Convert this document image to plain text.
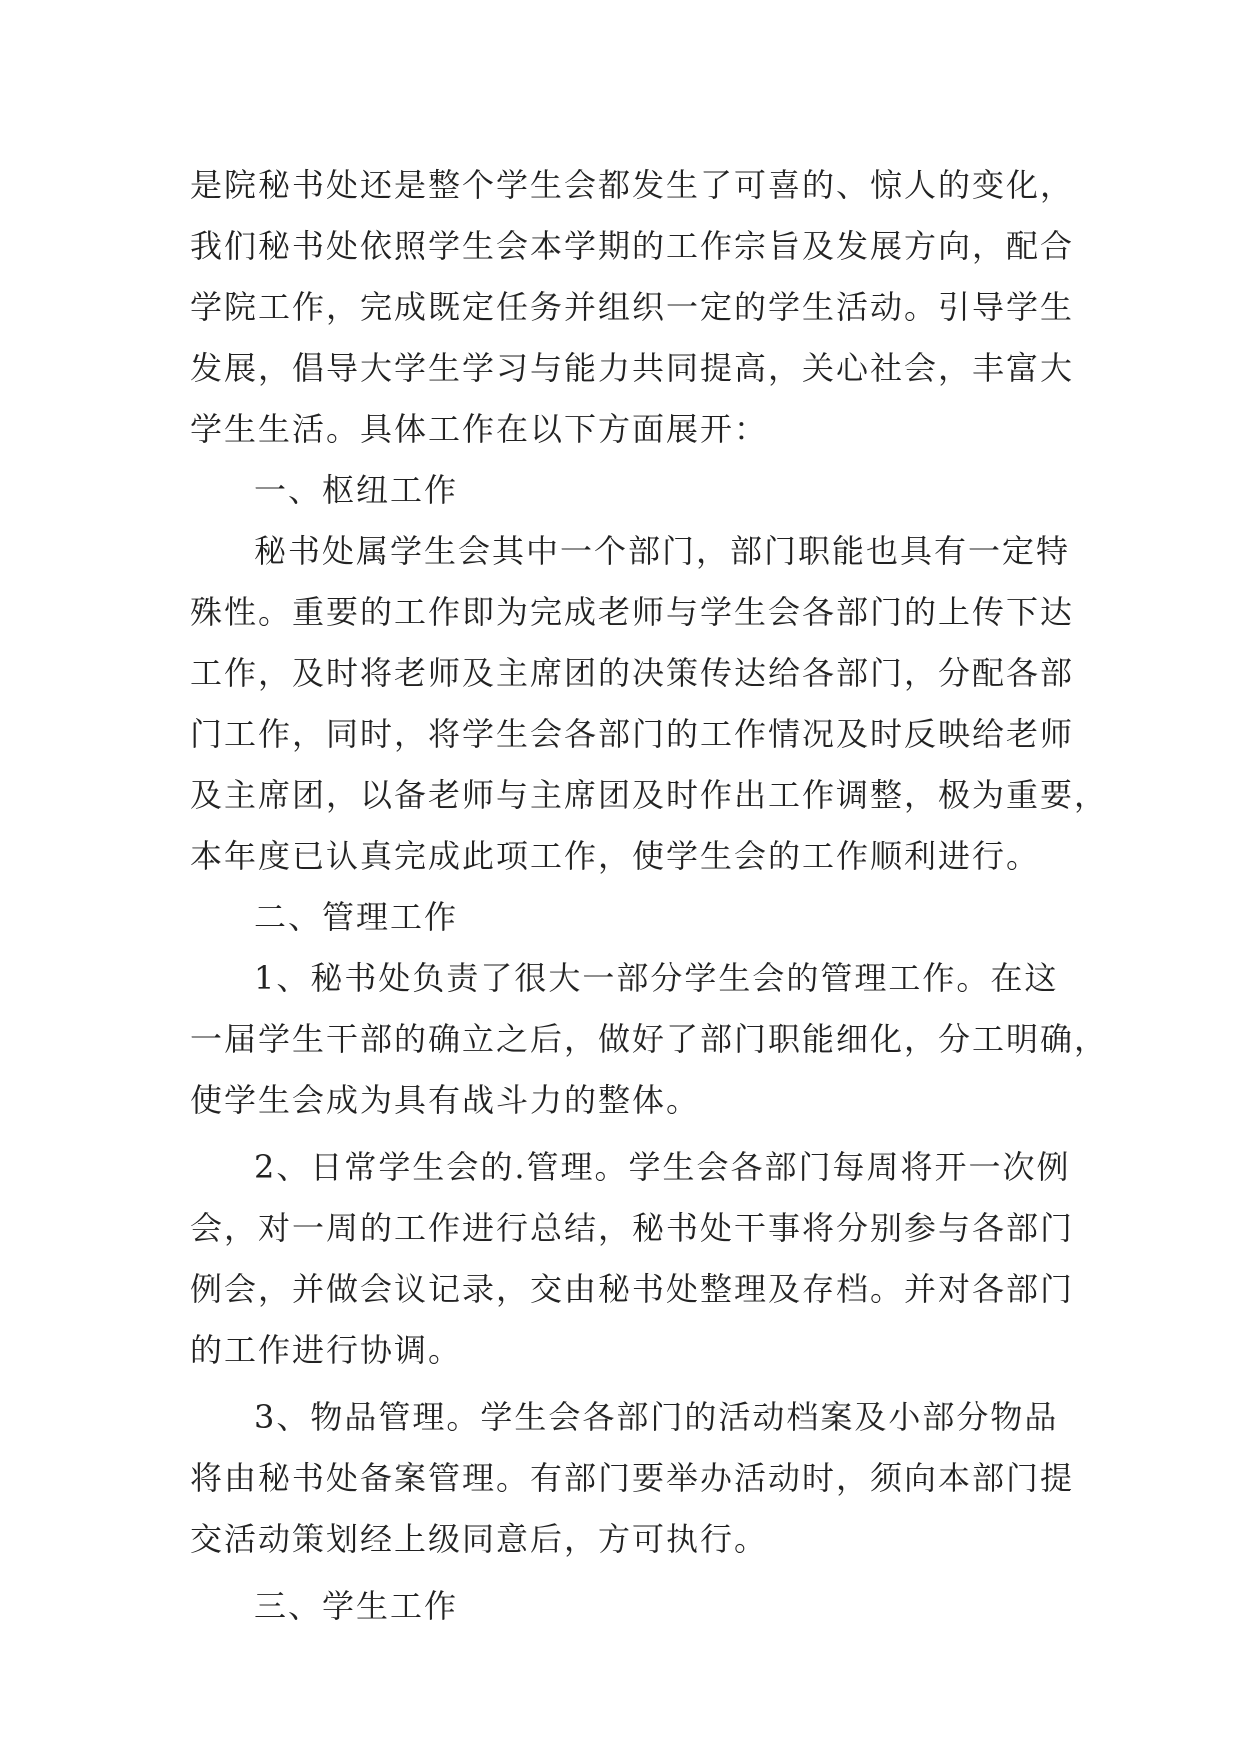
是院秘书处还是整个学生会都发生了可喜的、惊人的变化，
我们秘书处依照学生会本学期的工作宗旨及发展方向，配合
学院工作，完成既定任务并组织一定的学生活动。引导学生
发展，倡导大学生学习与能力共同提高，关心社会，丰富大
学生生活。具体工作在以下方面展开：
一、枢纽工作
秘书处属学生会其中一个部门，部门职能也具有一定特
殊性。重要的工作即为完成老师与学生会各部门的上传下达
工作，及时将老师及主席团的决策传达给各部门，分配各部
门工作，同时，将学生会各部门的工作情况及时反映给老师
及主席团，以备老师与主席团及时作出工作调整，极为重要，
本年度已认真完成此项工作，使学生会的工作顺利进行。
二、管理工作
1、秘书处负责了很大一部分学生会的管理工作。在这
一届学生干部的确立之后，做好了部门职能细化，分工明确，
使学生会成为具有战斗力的整体。
2、日常学生会的.管理。学生会各部门每周将开一次例
会，对一周的工作进行总结，秘书处干事将分别参与各部门
例会，并做会议记录，交由秘书处整理及存档。并对各部门
的工作进行协调。
3、物品管理。学生会各部门的活动档案及小部分物品
将由秘书处备案管理。有部门要举办活动时，须向本部门提
交活动策划经上级同意后，方可执行。
三、学生工作
